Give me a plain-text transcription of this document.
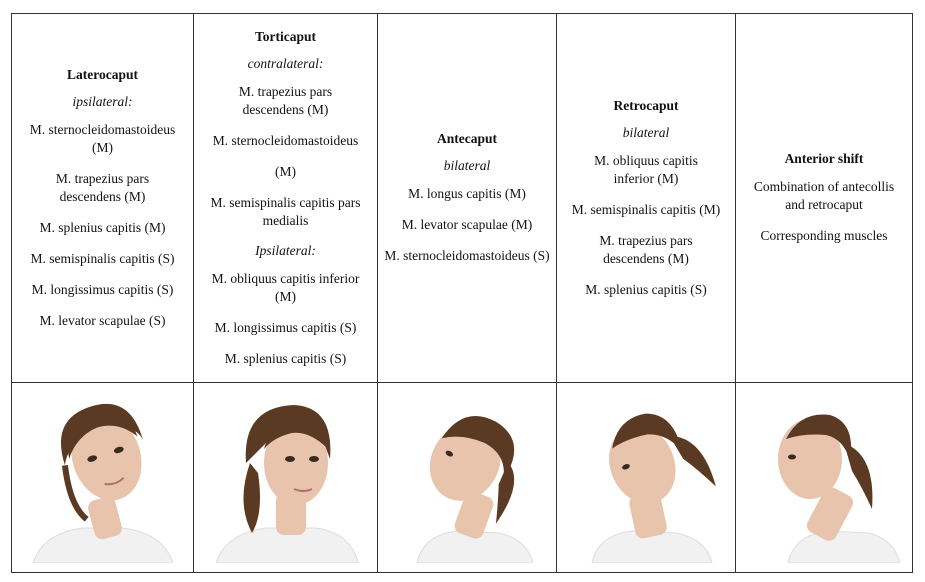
Laterocaput
ipsilateral:
M. sternocleidomastoideus (M)
M. trapezius pars descendens (M)
M. splenius capitis (M)
M. semispinalis capitis (S)
M. longissimus capitis (S)
M. levator scapulae (S)
Torticaput
contralateral:
M. trapezius pars descendens (M)
M. sternocleidomastoideus
(M)
M. semispinalis capitis pars medialis
Ipsilateral:
M. obliquus capitis inferior (M)
M. longissimus capitis (S)
M. splenius capitis (S)
Antecaput
bilateral
M. longus capitis (M)
M. levator scapulae (M)
M. sternocleidomastoideus (S)
Retrocaput
bilateral
M. obliquus capitis inferior (M)
M. semispinalis capitis (M)
M. trapezius pars descendens (M)
M. splenius capitis (S)
Anterior shift
Combination of antecollis and retrocaput
Corresponding muscles
